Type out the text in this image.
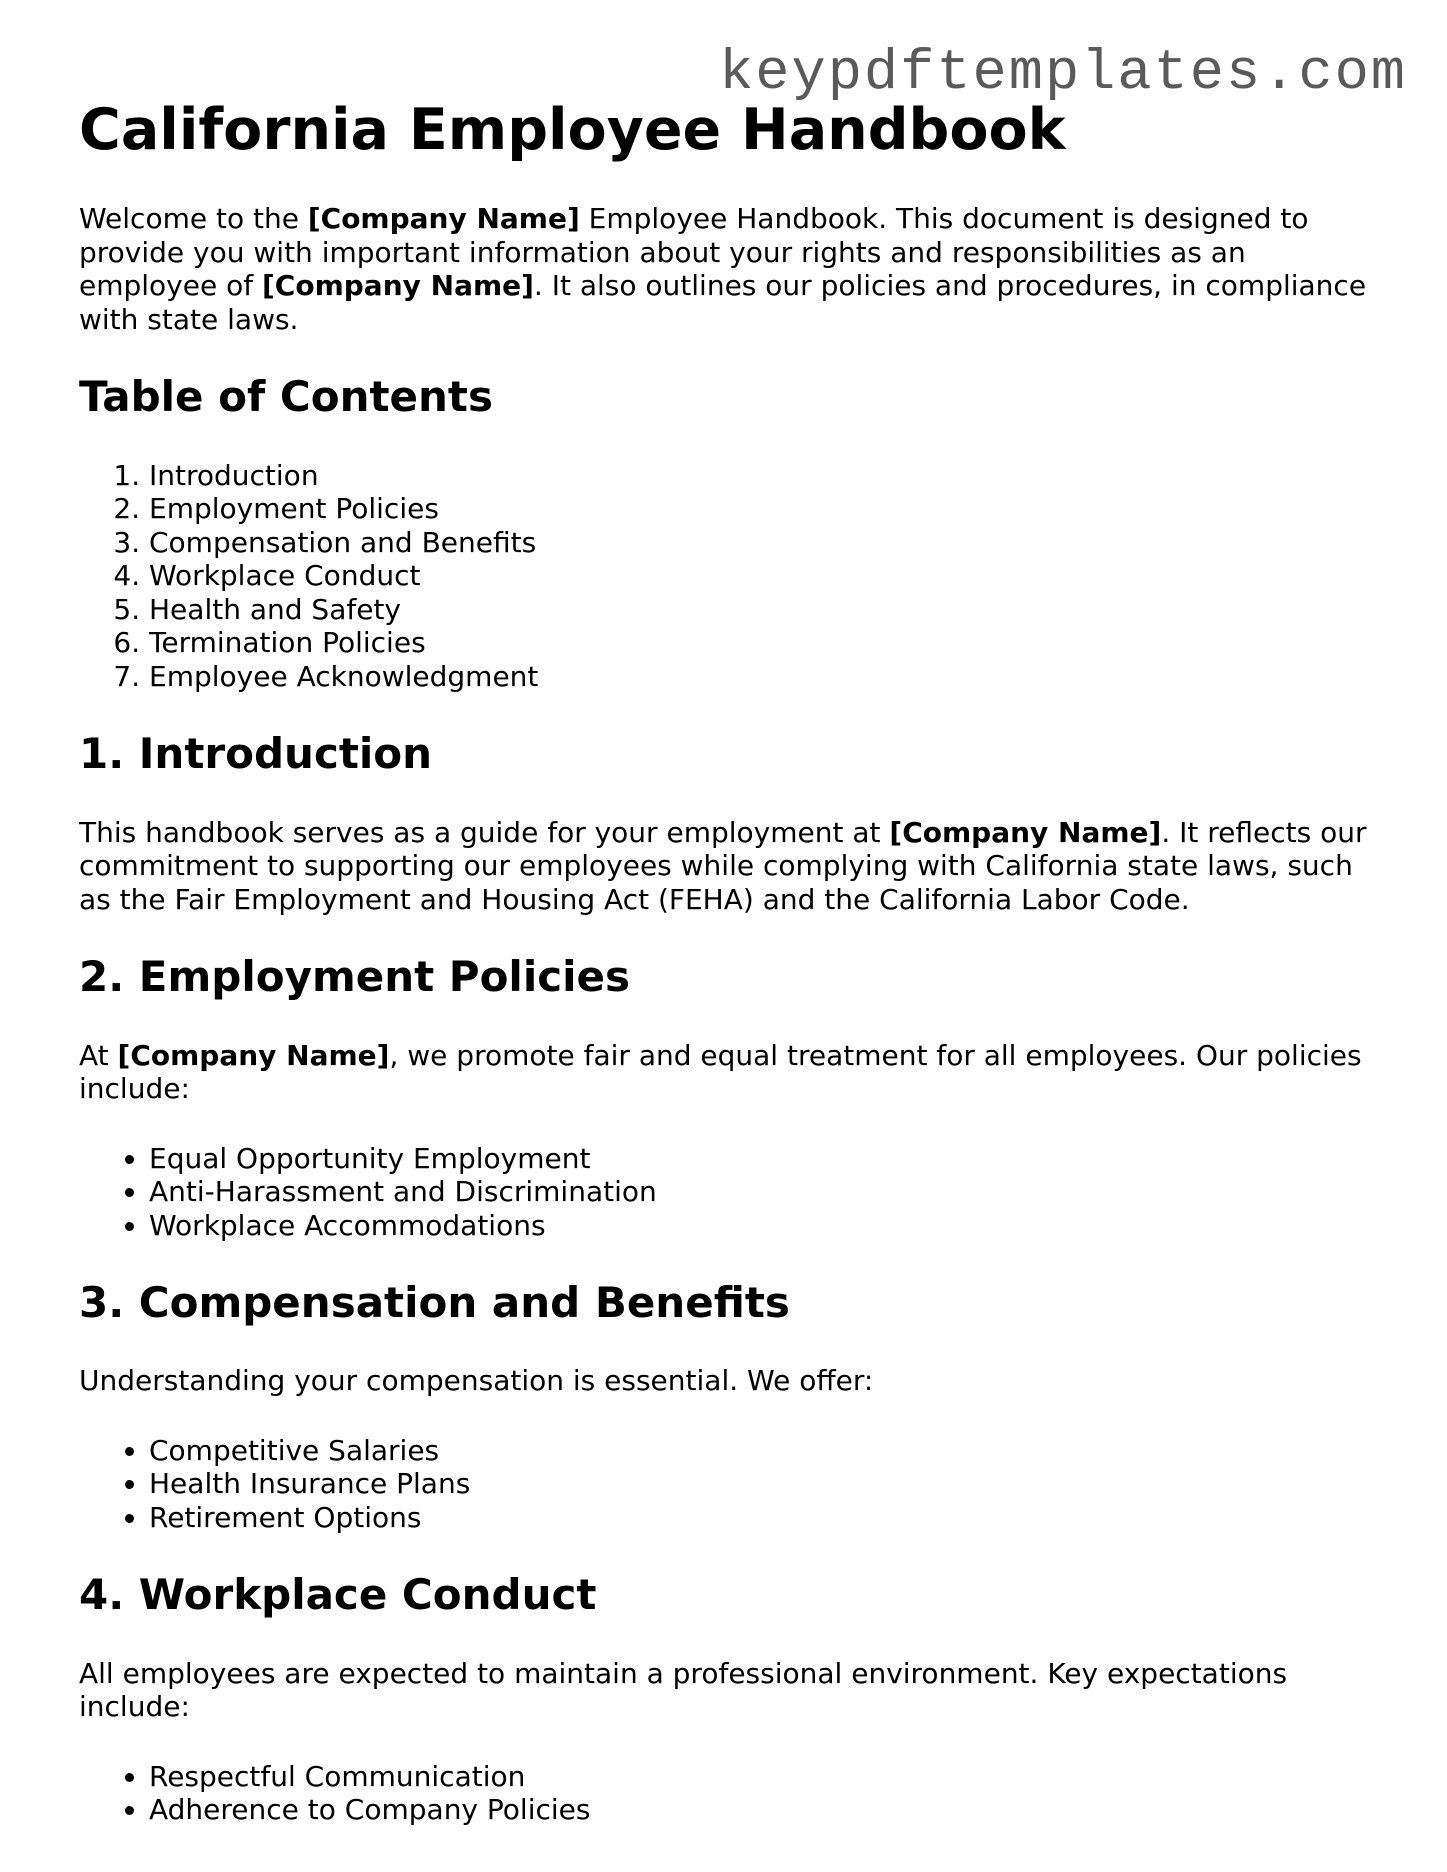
keypdftemplates.com
California Employee Handbook

Welcome to the [Company Name] Employee Handbook. This document is designed to provide you with important information about your rights and responsibilities as an employee of [Company Name]. It also outlines our policies and procedures, in compliance with state laws.

Table of Contents
1. Introduction
2. Employment Policies
3. Compensation and Benefits
4. Workplace Conduct
5. Health and Safety
6. Termination Policies
7. Employee Acknowledgment
1. Introduction

This handbook serves as a guide for your employment at [Company Name]. It reflects our commitment to supporting our employees while complying with California state laws, such as the Fair Employment and Housing Act (FEHA) and the California Labor Code.

2. Employment Policies

At [Company Name], we promote fair and equal treatment for all employees. Our policies include:

• Equal Opportunity Employment
• Anti-Harassment and Discrimination
• Workplace Accommodations
3. Compensation and Benefits

Understanding your compensation is essential. We offer:

• Competitive Salaries
• Health Insurance Plans
• Retirement Options
4. Workplace Conduct

All employees are expected to maintain a professional environment. Key expectations include:

• Respectful Communication
• Adherence to Company Policies
